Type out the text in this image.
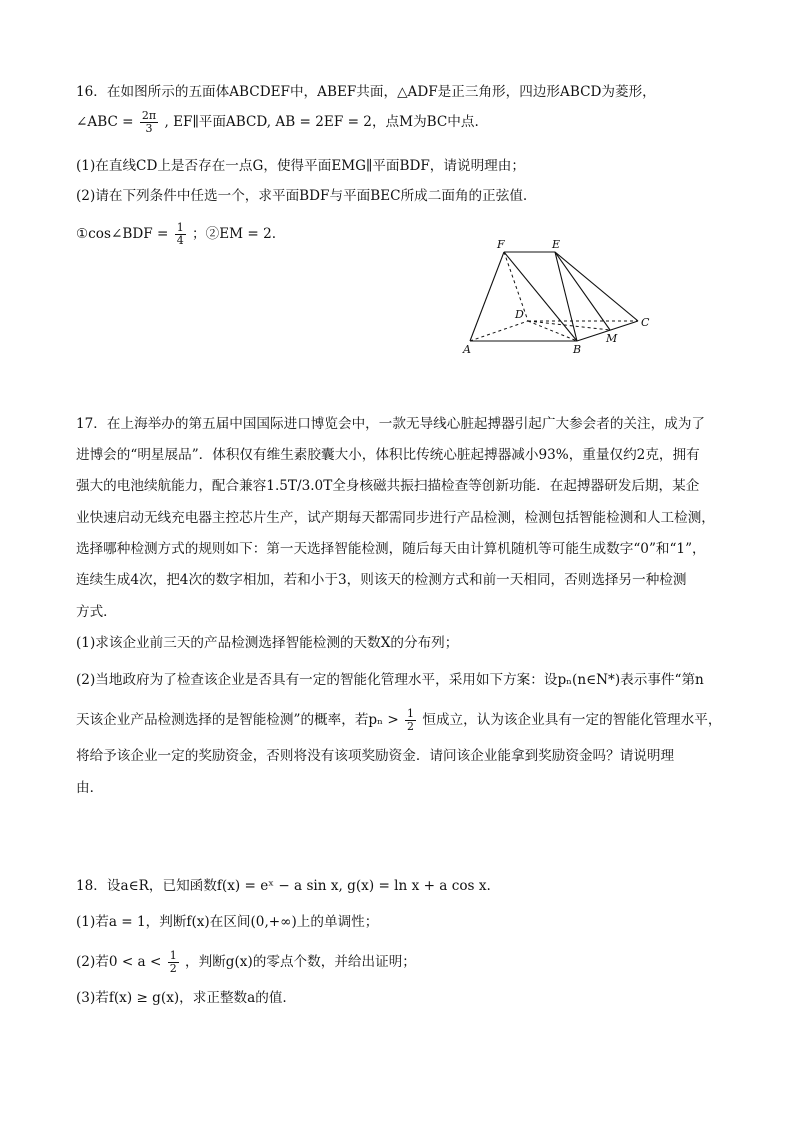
16．在如图所示的五面体ABCDEF中，ABEF共面，△ADF是正三角形，四边形ABCD为菱形，
∠ABC = $\frac{2\pi}{3}$ , EF∥平面ABCD, AB = 2EF = 2，点M为BC中点.
(1)在直线CD上是否存在一点G，使得平面EMG∥平面BDF，请说明理由；
(2)请在下列条件中任选一个，求平面BDF与平面BEC所成二面角的正弦值.
①cos∠BDF = $\frac{1}{4}$ ；②EM = 2.
F	E
D
C
A	B
M
17．在上海举办的第五届中国国际进口博览会中，一款无导线心脏起搏器引起广大参会者的关注，成为了
进博会的“明星展品”．体积仅有维生素胶囊大小，体积比传统心脏起搏器减小93%，重量仅约2克，拥有
强大的电池续航能力，配合兼容1.5T/3.0T全身核磁共振扫描检查等创新功能．在起搏器研发后期，某企
业快速启动无线充电器主控芯片生产，试产期每天都需同步进行产品检测，检测包括智能检测和人工检测，
选择哪种检测方式的规则如下：第一天选择智能检测，随后每天由计算机随机等可能生成数字“0”和“1”，
连续生成4次，把4次的数字相加，若和小于3，则该天的检测方式和前一天相同，否则选择另一种检测
方式．
(1)求该企业前三天的产品检测选择智能检测的天数X的分布列；
(2)当地政府为了检查该企业是否具有一定的智能化管理水平，采用如下方案：设pₙ(n∈N*)表示事件“第n
天该企业产品检测选择的是智能检测”的概率，若$p_n > \frac{1}{2}$ 恒成立，认为该企业具有一定的智能化管理水平，
将给予该企业一定的奖励资金，否则将没有该项奖励资金．请问该企业能拿到奖励资金吗？请说明理
由．
18．设a∈R，已知函数f(x) = eˣ − a sin x, g(x) = ln x + a cos x.
(1)若a = 1，判断f(x)在区间(0,+∞)上的单调性；
(2)若$0 < a < \frac{1}{2}$ ，判断g(x)的零点个数，并给出证明；
(3)若f(x) ≥ g(x)，求正整数a的值.
